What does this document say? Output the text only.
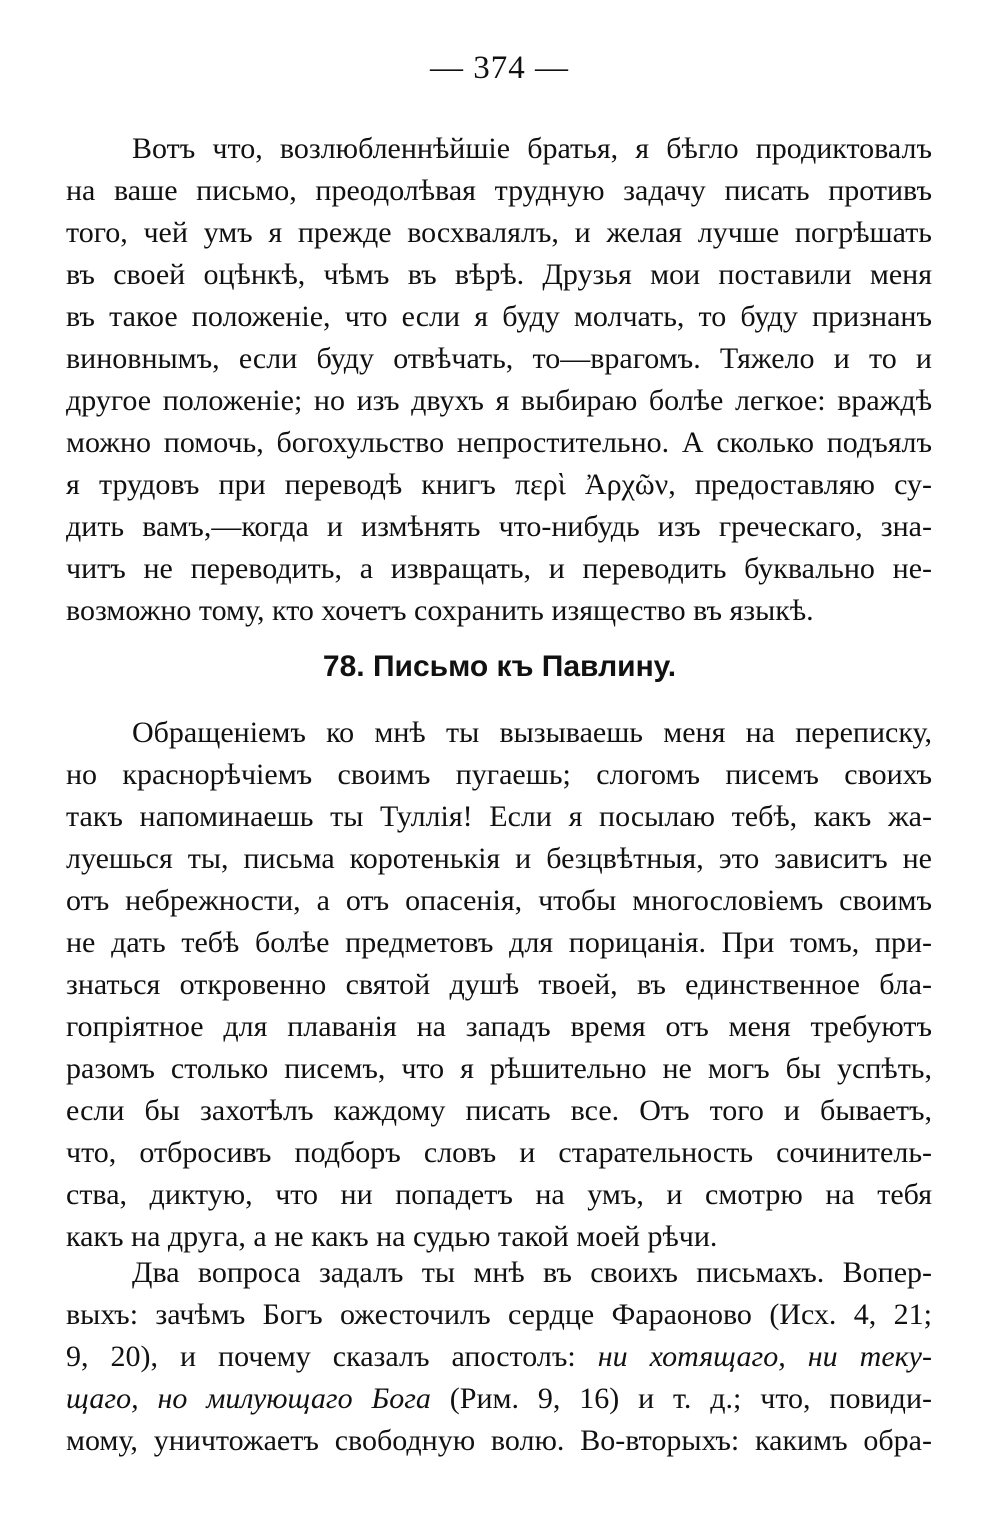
— 374 —
Вотъ что, возлюбленнѣйшіе братья, я бѣгло продиктовалъ
на ваше письмо, преодолѣвая трудную задачу писать противъ
того, чей умъ я прежде восхвалялъ, и желая лучше погрѣшать
въ своей оцѣнкѣ, чѣмъ въ вѣрѣ. Друзья мои поставили меня
въ такое положеніе, что если я буду молчать, то буду признанъ
виновнымъ, если буду отвѣчать, то—врагомъ. Тяжело и то и
другое положеніе; но изъ двухъ я выбираю болѣе легкое: враждѣ
можно помочь, богохульство непростительно. А сколько подъялъ
я трудовъ при переводѣ книгъ περὶ Ἀρχῶν, предоставляю су-
дить вамъ,—когда и измѣнять что-нибудь изъ греческаго, зна-
читъ не переводить, а извращать, и переводить буквально не-
возможно тому, кто хочетъ сохранить изящество въ языкѣ.
78. Письмо къ Павлину.
Обращеніемъ ко мнѣ ты вызываешь меня на переписку,
но краснорѣчіемъ своимъ пугаешь; слогомъ писемъ своихъ
такъ напоминаешь ты Туллія! Если я посылаю тебѣ, какъ жа-
луешься ты, письма коротенькія и безцвѣтныя, это зависитъ не
отъ небрежности, а отъ опасенія, чтобы многословіемъ своимъ
не дать тебѣ болѣе предметовъ для порицанія. При томъ, при-
знаться откровенно святой душѣ твоей, въ единственное бла-
гопріятное для плаванія на западъ время отъ меня требуютъ
разомъ столько писемъ, что я рѣшительно не могъ бы успѣть,
если бы захотѣлъ каждому писать все. Отъ того и бываетъ,
что, отбросивъ подборъ словъ и старательность сочинитель-
ства, диктую, что ни попадетъ на умъ, и смотрю на тебя
какъ на друга, а не какъ на судью такой моей рѣчи.
Два вопроса задалъ ты мнѣ въ своихъ письмахъ. Вопер-
выхъ: зачѣмъ Богъ ожесточилъ сердце Фараоново (Исх. 4, 21;
9, 20), и почему сказалъ апостолъ: ни хотящаго, ни теку-
щаго, но милующаго Бога (Рим. 9, 16) и т. д.; что, повиди-
мому, уничтожаетъ свободную волю. Во-вторыхъ: какимъ обра-
